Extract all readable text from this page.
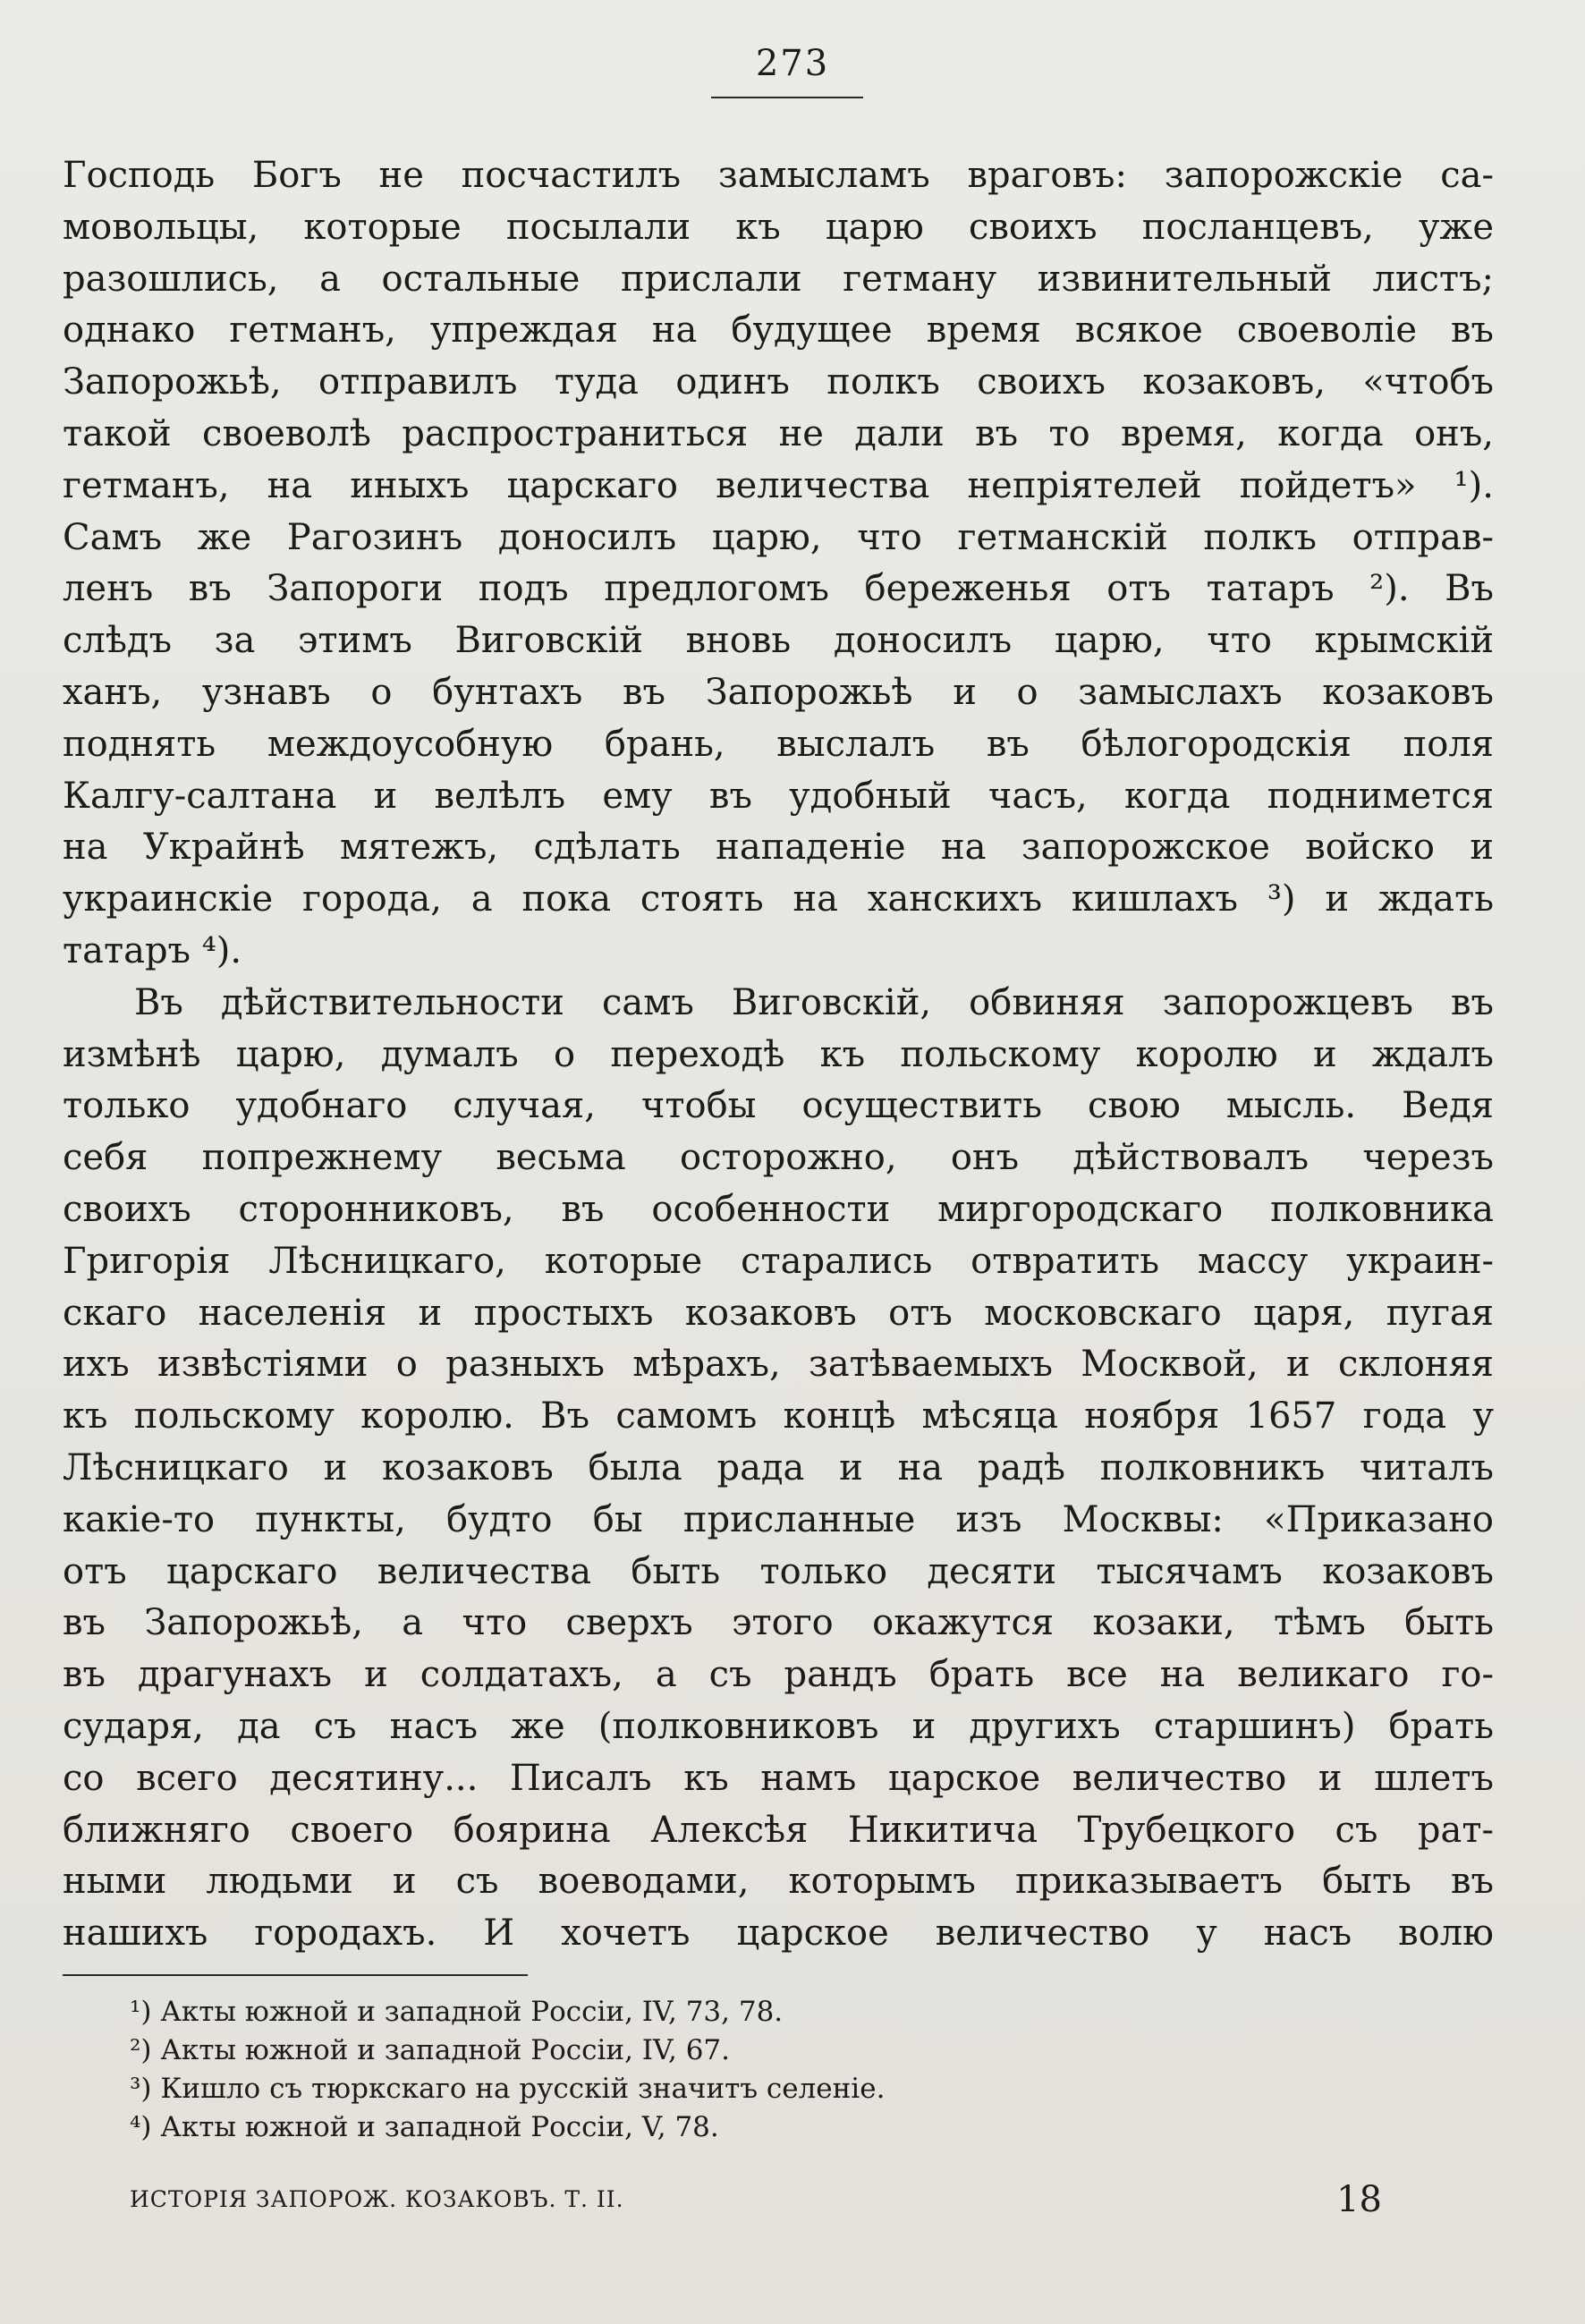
273
Господь Богъ не посчастилъ замысламъ враговъ: запорожскіе са-
мовольцы, которые посылали къ царю своихъ посланцевъ, уже
разошлись, а остальные прислали гетману извинительный листъ;
однако гетманъ, упреждая на будущее время всякое своеволіе въ
Запорожьѣ, отправилъ туда одинъ полкъ своихъ козаковъ, «чтобъ
такой своеволѣ распространиться не дали въ то время, когда онъ,
гетманъ, на иныхъ царскаго величества непріятелей пойдетъ» ¹).
Самъ же Рагозинъ доносилъ царю, что гетманскій полкъ отправ-
ленъ въ Запороги подъ предлогомъ береженья отъ татаръ ²). Въ
слѣдъ за этимъ Виговскій вновь доносилъ царю, что крымскій
ханъ, узнавъ о бунтахъ въ Запорожьѣ и о замыслахъ козаковъ
поднять междоусобную брань, выслалъ въ бѣлогородскія поля
Калгу-салтана и велѣлъ ему въ удобный часъ, когда поднимется
на Украйнѣ мятежъ, сдѣлать нападеніе на запорожское войско и
украинскіе города, а пока стоять на ханскихъ кишлахъ ³) и ждать
татаръ ⁴).
Въ дѣйствительности самъ Виговскій, обвиняя запорожцевъ въ
измѣнѣ царю, думалъ о переходѣ къ польскому королю и ждалъ
только удобнаго случая, чтобы осуществить свою мысль. Ведя
себя попрежнему весьма осторожно, онъ дѣйствовалъ черезъ
своихъ сторонниковъ, въ особенности миргородскаго полковника
Григорія Лѣсницкаго, которые старались отвратить массу украин-
скаго населенія и простыхъ козаковъ отъ московскаго царя, пугая
ихъ извѣстіями о разныхъ мѣрахъ, затѣваемыхъ Москвой, и склоняя
къ польскому королю. Въ самомъ концѣ мѣсяца ноября 1657 года у
Лѣсницкаго и козаковъ была рада и на радѣ полковникъ читалъ
какіе-то пункты, будто бы присланные изъ Москвы: «Приказано
отъ царскаго величества быть только десяти тысячамъ козаковъ
въ Запорожьѣ, а что сверхъ этого окажутся козаки, тѣмъ быть
въ драгунахъ и солдатахъ, а съ рандъ брать все на великаго го-
сударя, да съ насъ же (полковниковъ и другихъ старшинъ) брать
со всего десятину... Писалъ къ намъ царское величество и шлетъ
ближняго своего боярина Алексѣя Никитича Трубецкого съ рат-
ными людьми и съ воеводами, которымъ приказываетъ быть въ
нашихъ городахъ. И хочетъ царское величество у насъ волю
¹) Акты южной и западной Россіи, IV, 73, 78.
²) Акты южной и западной Россіи, IV, 67.
³) Кишло съ тюркскаго на русскій значитъ селеніе.
⁴) Акты южной и западной Россіи, V, 78.
ИСТОРІЯ ЗАПОРОЖ. КОЗАКОВЪ. Т. II.	18
